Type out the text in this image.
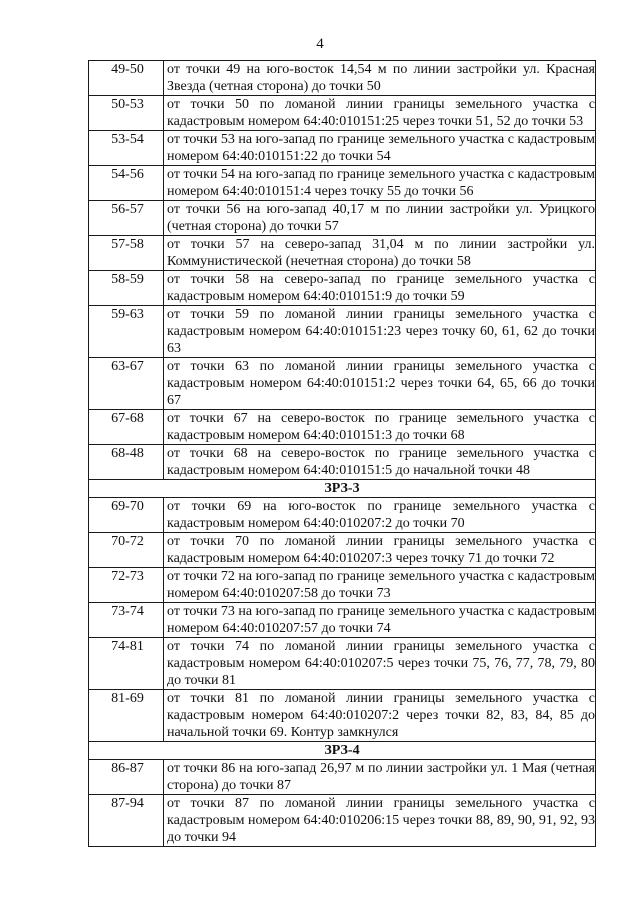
4
49-50	от точки 49 на юго-восток 14,54 м по линии застройки ул. Красная Звезда (четная сторона) до точки 50
50-53	от точки 50 по ломаной линии границы земельного участка с кадастровым номером 64:40:010151:25 через точки 51, 52 до точки 53
53-54	от точки 53 на юго-запад по границе земельного участка с кадастровым номером 64:40:010151:22 до точки 54
54-56	от точки 54 на юго-запад по границе земельного участка с кадастровым номером 64:40:010151:4 через точку 55 до точки 56
56-57	от точки 56 на юго-запад 40,17 м по линии застройки ул. Урицкого (четная сторона) до точки 57
57-58	от точки 57 на северо-запад 31,04 м по линии застройки ул. Коммунистической (нечетная сторона) до точки 58
58-59	от точки 58 на северо-запад по границе земельного участка с кадастровым номером 64:40:010151:9 до точки 59
59-63	от точки 59 по ломаной линии границы земельного участка с кадастровым номером 64:40:010151:23 через точку 60, 61, 62 до точки 63
63-67	от точки 63 по ломаной линии границы земельного участка с кадастровым номером 64:40:010151:2 через точки 64, 65, 66 до точки 67
67-68	от точки 67 на северо-восток по границе земельного участка с кадастровым номером 64:40:010151:3 до точки 68
68-48	от точки 68 на северо-восток по границе земельного участка с кадастровым номером 64:40:010151:5 до начальной точки 48
ЗРЗ-3	
69-70	от точки 69 на юго-восток по границе земельного участка с кадастровым номером 64:40:010207:2 до точки 70
70-72	от точки 70 по ломаной линии границы земельного участка с кадастровым номером 64:40:010207:3 через точку 71 до точки 72
72-73	от точки 72 на юго-запад по границе земельного участка с кадастровым номером 64:40:010207:58 до точки 73
73-74	от точки 73 на юго-запад по границе земельного участка с кадастровым номером 64:40:010207:57 до точки 74
74-81	от точки 74 по ломаной линии границы земельного участка с кадастровым номером 64:40:010207:5 через точки 75, 76, 77, 78, 79, 80 до точки 81
81-69	от точки 81 по ломаной линии границы земельного участка с кадастровым номером 64:40:010207:2 через точки 82, 83, 84, 85 до начальной точки 69. Контур замкнулся
ЗРЗ-4	
86-87	от точки 86 на юго-запад 26,97 м по линии застройки ул. 1 Мая (четная сторона) до точки 87
87-94	от точки 87 по ломаной линии границы земельного участка с кадастровым номером 64:40:010206:15 через точки 88, 89, 90, 91, 92, 93 до точки 94
